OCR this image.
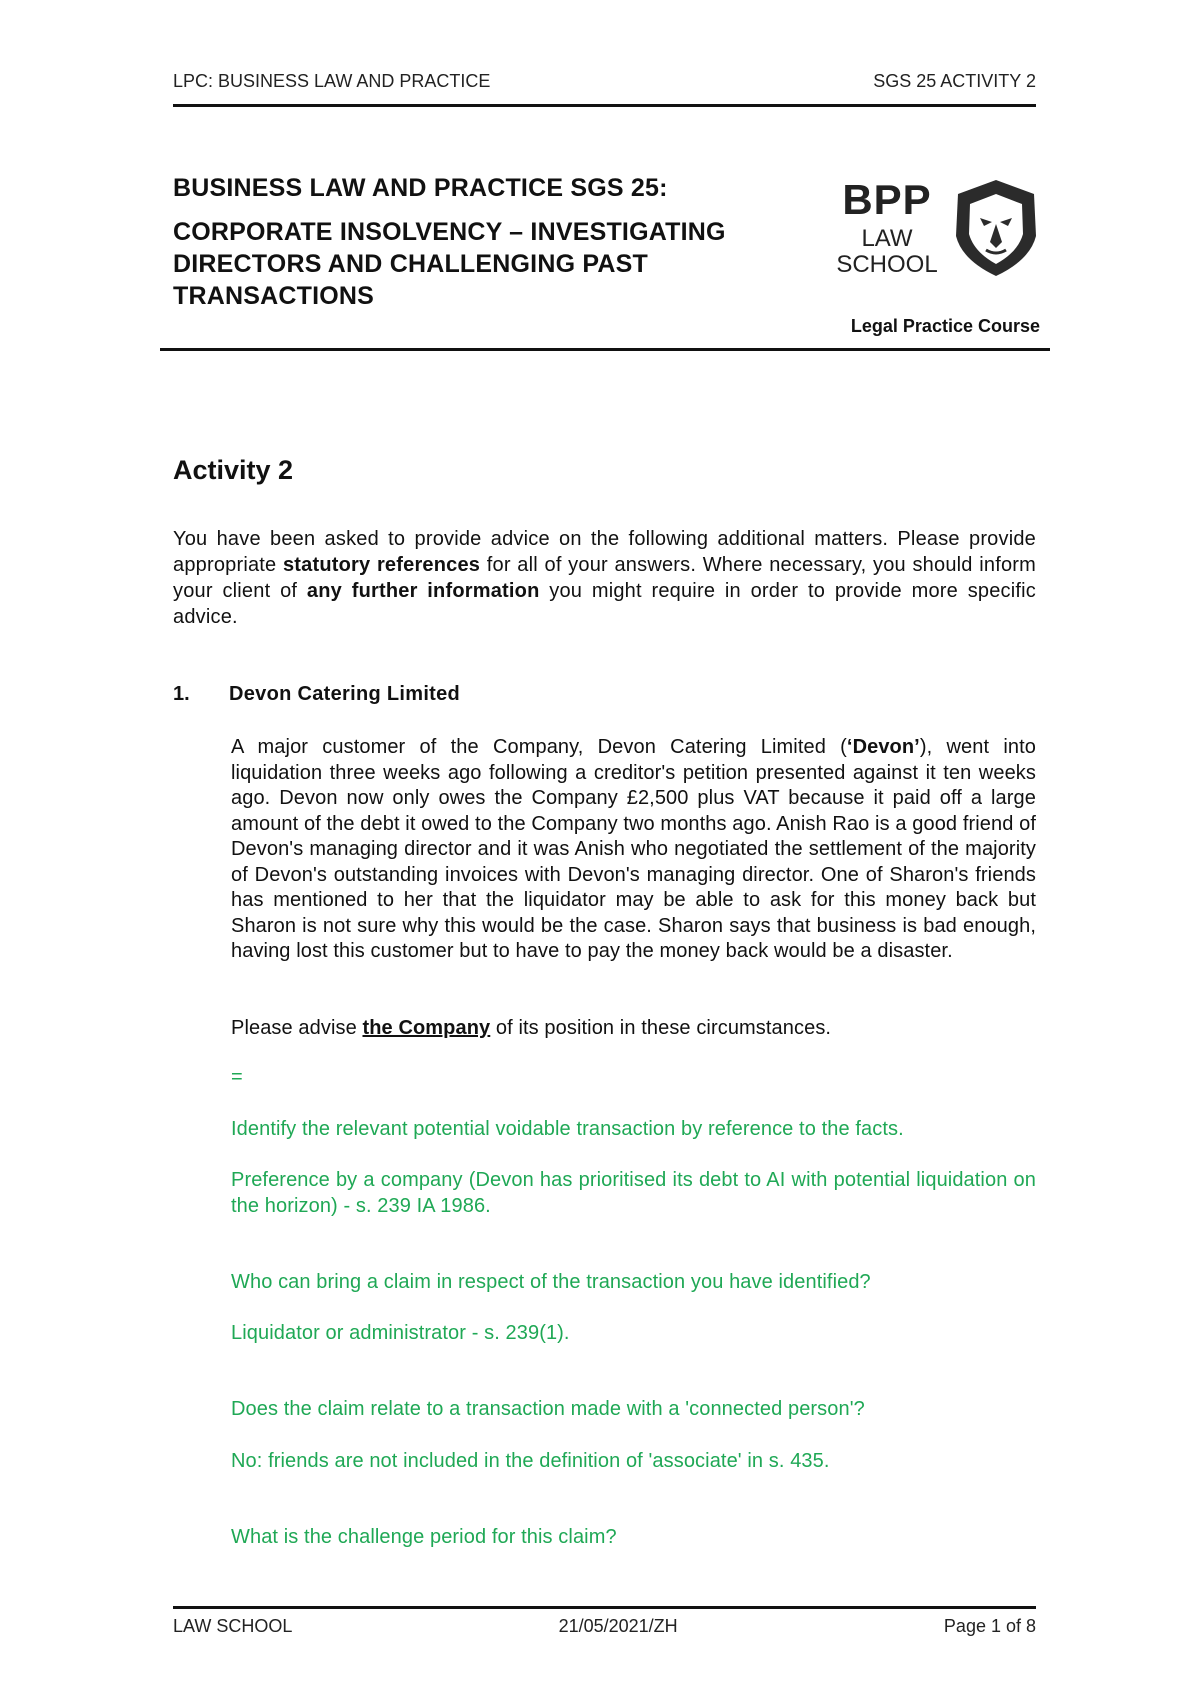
LPC: BUSINESS LAW AND PRACTICE	SGS 25 ACTIVITY 2
BUSINESS LAW AND PRACTICE SGS 25:
CORPORATE INSOLVENCY – INVESTIGATING DIRECTORS AND CHALLENGING PAST TRANSACTIONS
BPP
LAW
SCHOOL
Legal Practice Course
Activity 2

You have been asked to provide advice on the following additional matters. Please provide appropriate statutory references for all of your answers. Where necessary, you should inform your client of any further information you might require in order to provide more specific advice.

1. Devon Catering Limited

A major customer of the Company, Devon Catering Limited (‘Devon’), went into liquidation three weeks ago following a creditor's petition presented against it ten weeks ago. Devon now only owes the Company £2,500 plus VAT because it paid off a large amount of the debt it owed to the Company two months ago. Anish Rao is a good friend of Devon's managing director and it was Anish who negotiated the settlement of the majority of Devon's outstanding invoices with Devon's managing director. One of Sharon's friends has mentioned to her that the liquidator may be able to ask for this money back but Sharon is not sure why this would be the case. Sharon says that business is bad enough, having lost this customer but to have to pay the money back would be a disaster.

Please advise the Company of its position in these circumstances.

=

Identify the relevant potential voidable transaction by reference to the facts.

Preference by a company (Devon has prioritised its debt to AI with potential liquidation on the horizon) - s. 239 IA 1986.

Who can bring a claim in respect of the transaction you have identified?

Liquidator or administrator - s. 239(1).

Does the claim relate to a transaction made with a 'connected person'?

No: friends are not included in the definition of 'associate' in s. 435.

What is the challenge period for this claim?

LAW SCHOOL	21/05/2021/ZH	Page 1 of 8
